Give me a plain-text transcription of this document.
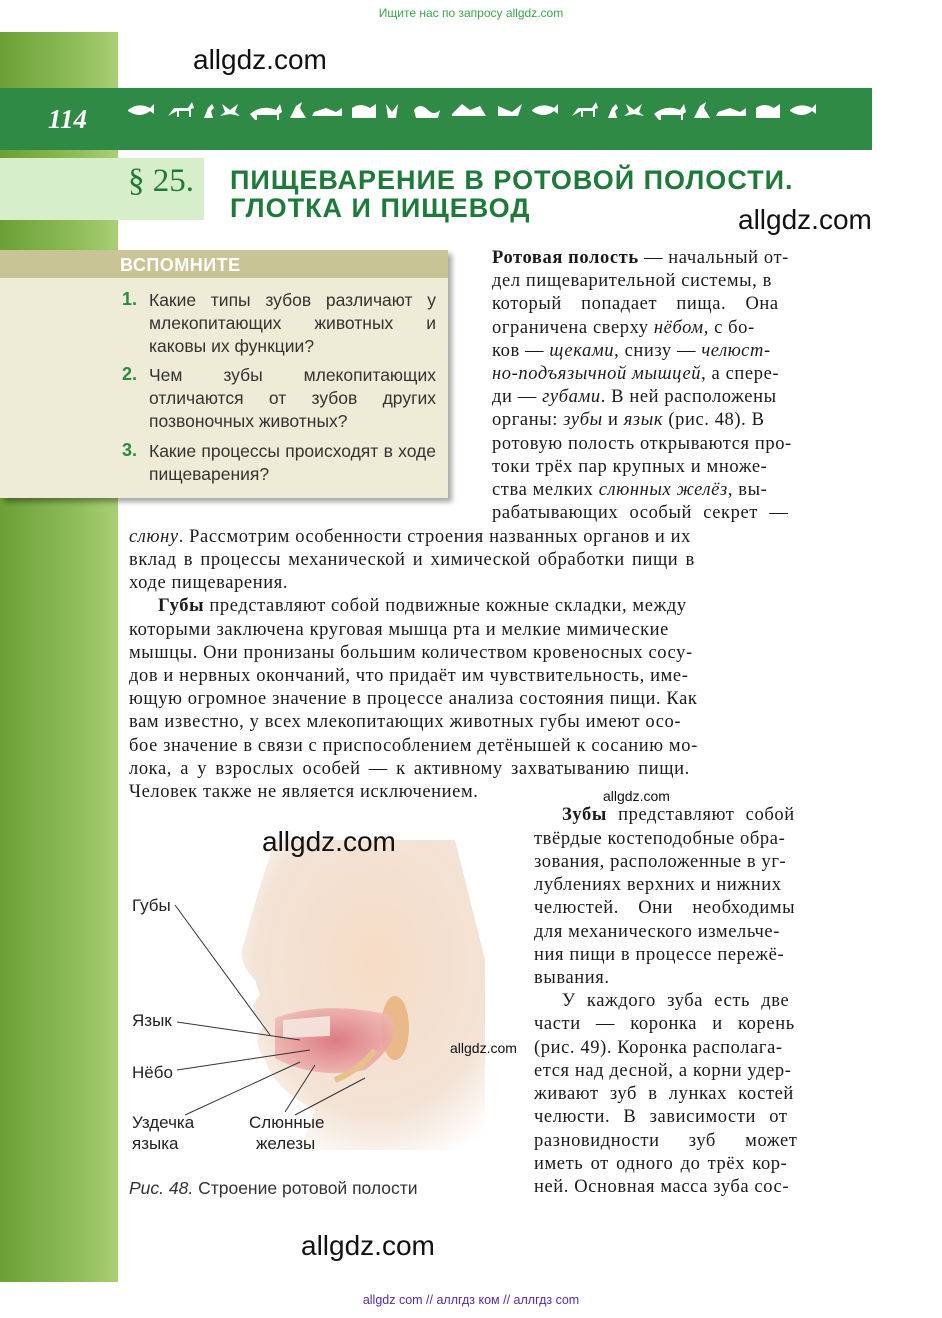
Ищите нас по запросу allgdz.com
allgdz.com
114
§ 25. ПИЩЕВАРЕНИЕ В РОТОВОЙ ПОЛОСТИ.
ГЛОТКА И ПИЩЕВОД	allgdz.com
ВСПОМНИТЕ
1. Какие типы зубов различают у млекопитающих животных и каковы их функции?
2. Чем зубы млекопитающих отличаются от зубов других позвоночных животных?
3. Какие процессы происходят в ходе пищеварения?
Ротовая полость — начальный от-
дел пищеварительной системы, в
который попадает пища. Она
ограничена сверху нёбом, с бо-
ков — щеками, снизу — челюст-
но-подъязычной мышцей, а спере-
ди — губами. В ней расположены
органы: зубы и язык (рис. 48). В
ротовую полость открываются про-
токи трёх пар крупных и множе-
ства мелких слюнных желёз, вы-
рабатывающих особый секрет —
слюну. Рассмотрим особенности строения названных органов и их
вклад в процессы механической и химической обработки пищи в
ходе пищеварения.
Губы представляют собой подвижные кожные складки, между
которыми заключена круговая мышца рта и мелкие мимические
мышцы. Они пронизаны большим количеством кровеносных сосу-
дов и нервных окончаний, что придаёт им чувствительность, име-
ющую огромное значение в процессе анализа состояния пищи. Как
вам известно, у всех млекопитающих животных губы имеют осо-
бое значение в связи с приспособлением детёнышей к сосанию мо-
лока, а у взрослых особей — к активному захватыванию пищи.
Человек также не является исключением.	allgdz.com
Зубы представляют собой
твёрдые костеподобные обра-
зования, расположенные в уг-
лублениях верхних и нижних
челюстей. Они необходимы
для механического измельче-
ния пищи в процессе пережё-
вывания.
У каждого зуба есть две
части — коронка и корень
(рис. 49). Коронка располага-
ется над десной, а корни удер-
живают зуб в лунках костей
челюсти. В зависимости от
разновидности зуб может
иметь от одного до трёх кор-
ней. Основная масса зуба сос-
allgdz.com
allgdz.com
Губы
Язык
Нёбо
Уздечка
языка
Слюнные
железы
Рис. 48. Строение ротовой полости
allgdz.com
allgdz com // аллгдз ком // аллгдз com
